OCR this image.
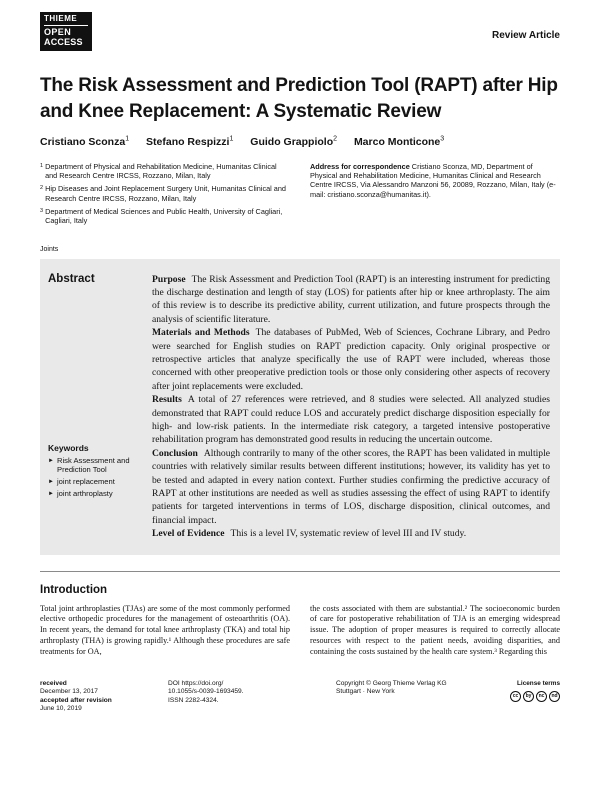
THIEME
OPEN
ACCESS
Review Article
The Risk Assessment and Prediction Tool (RAPT) after Hip and Knee Replacement: A Systematic Review
Cristiano Sconza$^1$ Stefano Respizzi$^1$ Guido Grappiolo$^2$ Marco Monticone$^3$
1 Department of Physical and Rehabilitation Medicine, Humanitas Clinical and Research Centre IRCSS, Rozzano, Milan, Italy
2 Hip Diseases and Joint Replacement Surgery Unit, Humanitas Clinical and Research Centre IRCSS, Rozzano, Milan, Italy
3 Department of Medical Sciences and Public Health, University of Cagliari, Cagliari, Italy
Address for correspondence Cristiano Sconza, MD, Department of Physical and Rehabilitation Medicine, Humanitas Clinical and Research Centre IRCSS, Via Alessandro Manzoni 56, 20089, Rozzano, Milan, Italy (e-mail: cristiano.sconza@humanitas.it).
Joints
Abstract
Keywords
► Risk Assessment and Prediction Tool
► joint replacement
► joint arthroplasty

Purpose The Risk Assessment and Prediction Tool (RAPT) is an interesting instrument for predicting the discharge destination and length of stay (LOS) for patients after hip or knee arthroplasty. The aim of this review is to describe its predictive ability, current utilization, and future prospects through the analysis of scientific literature.

Materials and Methods The databases of PubMed, Web of Sciences, Cochrane Library, and Pedro were searched for English studies on RAPT prediction capacity. Only original prospective or retrospective articles that analyze specifically the use of RAPT were included, whereas those concerned with other preoperative prediction tools or those only considering other aspects of recovery after joint replacements were excluded.

Results A total of 27 references were retrieved, and 8 studies were selected. All analyzed studies demonstrated that RAPT could reduce LOS and accurately predict discharge disposition especially for high- and low-risk patients. In the intermediate risk category, a targeted intensive postoperative rehabilitation program has demonstrated good results in reducing the uncertain outcome.

Conclusion Although contrarily to many of the other scores, the RAPT has been validated in multiple countries with relatively similar results between different institutions; however, its validity has yet to be tested and adapted in every nation context. Further studies confirming the predictive accuracy of RAPT at other institutions are needed as well as studies assessing the effect of using RAPT to identify patients for targeted interventions in terms of LOS, discharge disposition, clinical outcomes, and financial impact.

Level of Evidence This is a level IV, systematic review of level III and IV study.

Introduction
Total joint arthroplasties (TJAs) are some of the most commonly performed elective orthopedic procedures for the management of osteoarthritis (OA). In recent years, the demand for total knee arthroplasty (TKA) and total hip arthroplasty (THA) is growing rapidly.¹ Although these procedures are safe treatments for OA,
the costs associated with them are substantial.² The socioeconomic burden of care for postoperative rehabilitation of TJA is an emerging widespread issue. The adoption of proper measures is required to correctly allocate resources with respect to the patient needs, avoiding disparities, and containing the costs sustained by the health care system.³ Regarding this
received
December 13, 2017
accepted after revision
June 10, 2019
DOI https://doi.org/
10.1055/s-0039-1693459.
ISSN 2282-4324.
Copyright © Georg Thieme Verlag KG
Stuttgart · New York
License terms
cc	by	nc	nd
